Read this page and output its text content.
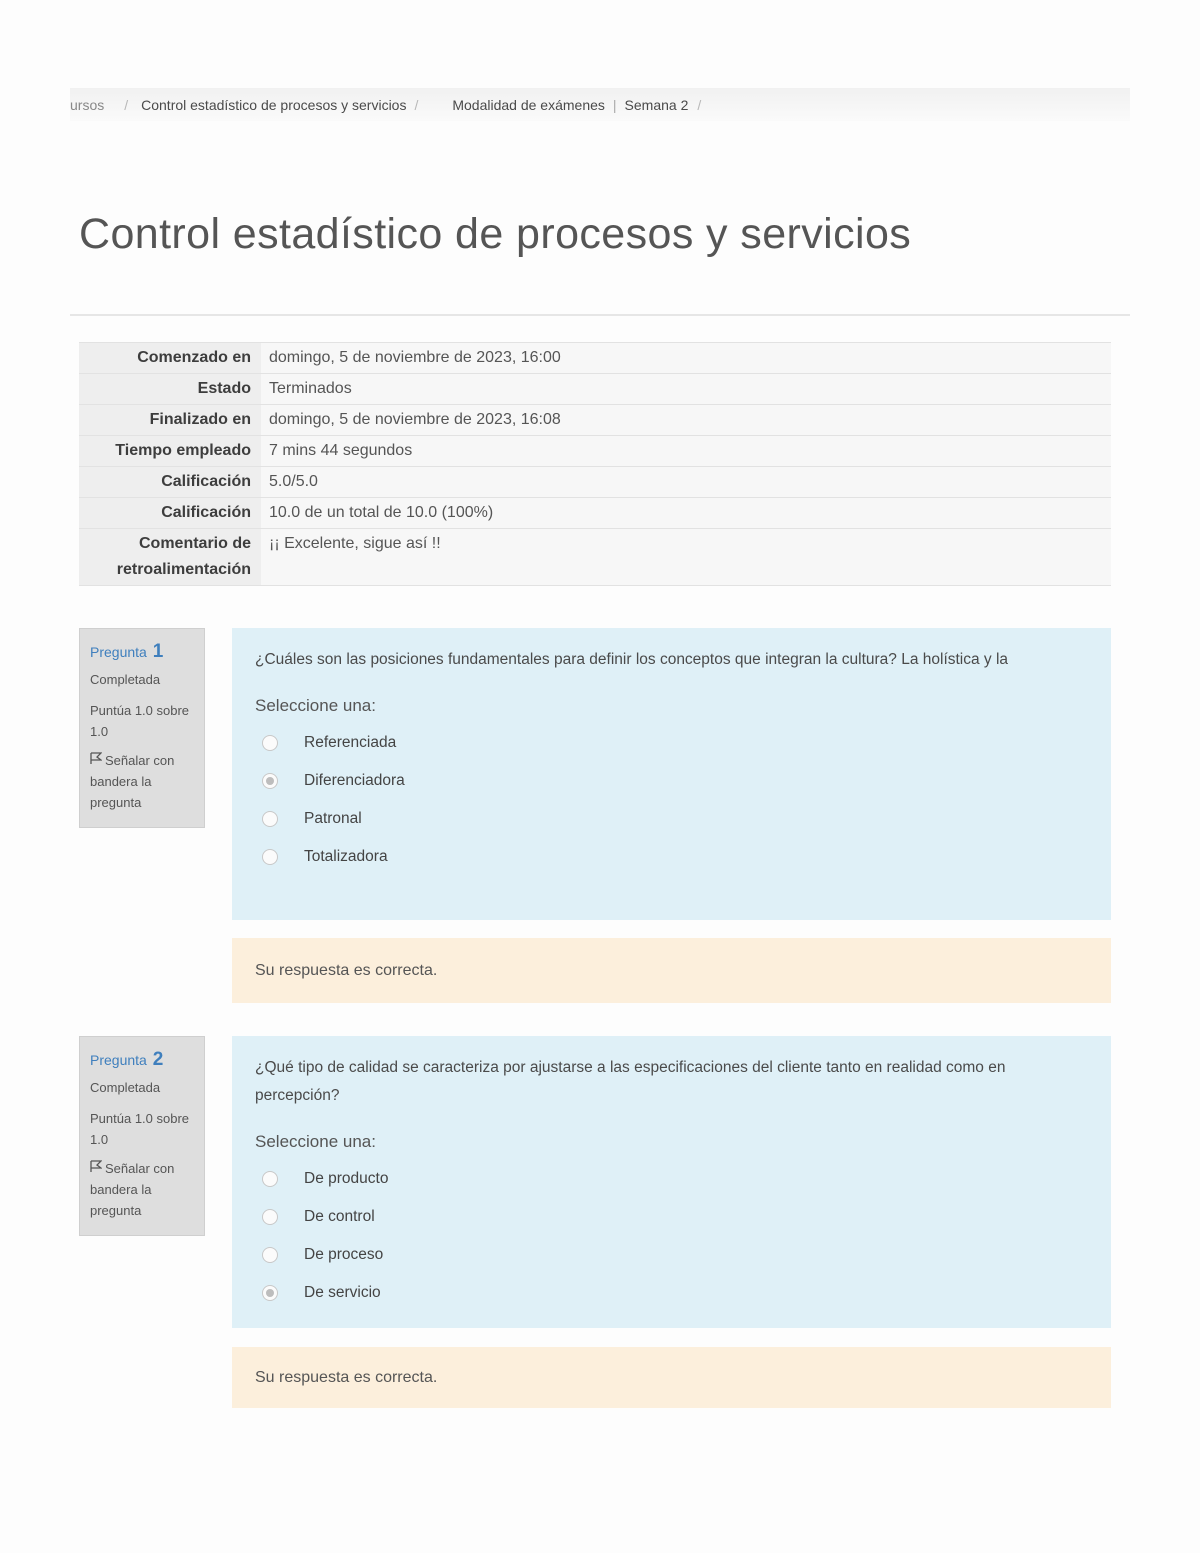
ursos / Control estadístico de procesos y servicios / Modalidad de exámenes | Semana 2 /
Control estadístico de procesos y servicios
Comenzado en	domingo, 5 de noviembre de 2023, 16:00
Estado	Terminados
Finalizado en	domingo, 5 de noviembre de 2023, 16:08
Tiempo empleado	7 mins 44 segundos
Calificación	5.0/5.0
Calificación	10.0 de un total de 10.0 (100%)
Comentario de retroalimentación	¡¡ Excelente, sigue así !!
Pregunta 1
Completada
Puntúa 1.0 sobre 1.0
Señalar con bandera la pregunta
¿Cuáles son las posiciones fundamentales para definir los conceptos que integran la cultura? La holística y la
Seleccione una:
Referenciada
Diferenciadora
Patronal
Totalizadora
Su respuesta es correcta.
Pregunta 2
Completada
Puntúa 1.0 sobre 1.0
Señalar con bandera la pregunta
¿Qué tipo de calidad se caracteriza por ajustarse a las especificaciones del cliente tanto en realidad como en percepción?
Seleccione una:
De producto
De control
De proceso
De servicio
Su respuesta es correcta.
